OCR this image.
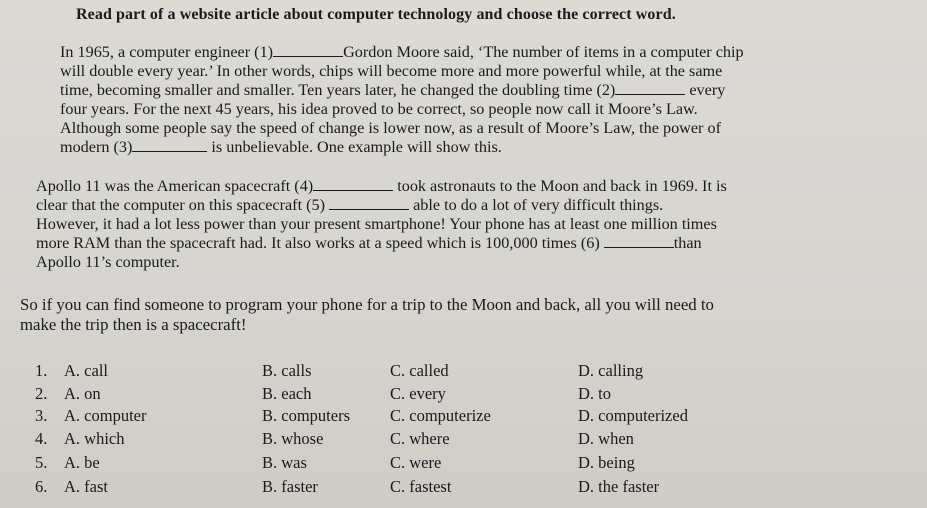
Read part of a website article about computer technology and choose the correct word.
In 1965, a computer engineer (1)	Gordon Moore said, ‘The number of items in a computer chip
will double every year.’ In other words, chips will become more and more powerful while, at the same
time, becoming smaller and smaller. Ten years later, he changed the doubling time (2)	every
four years. For the next 45 years, his idea proved to be correct, so people now call it Moore’s Law.
Although some people say the speed of change is lower now, as a result of Moore’s Law, the power of
modern (3)	is unbelievable. One example will show this.
Apollo 11 was the American spacecraft (4)	took astronauts to the Moon and back in 1969. It is
clear that the computer on this spacecraft (5)	able to do a lot of very difficult things.
However, it had a lot less power than your present smartphone! Your phone has at least one million times
more RAM than the spacecraft had. It also works at a speed which is 100,000 times (6)	than
Apollo 11’s computer.
So if you can find someone to program your phone for a trip to the Moon and back, all you will need to
make the trip then is a spacecraft!
1. A. call	B. calls	C. called	D. calling
2. A. on	B. each	C. every	D. to
3. A. computer	B. computers C. computerize	D. computerized
4. A. which	B. whose	C. where	D. when
5. A. be	B. was	C. were	D. being
6. A. fast	B. faster	C. fastest	D. the faster
